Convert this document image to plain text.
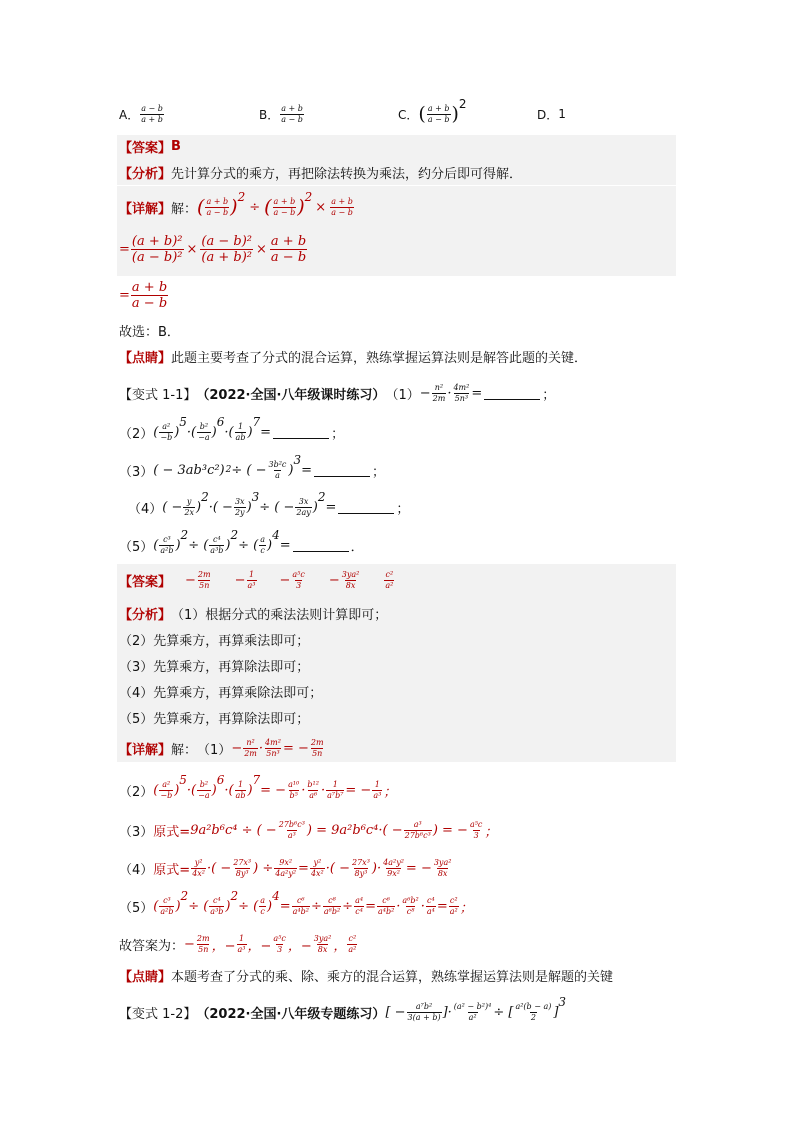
A． $\frac{a - b}{a + b}$	B． $\frac{a + b}{a - b}$	C． ( $\frac{a + b}{a - b}$ ) 2
D． 1
【答案】 B
【分析】 先计算分式的乘方，再把除法转换为乘法，约分后即可得解．
【详解】 解： ( $\frac{a + b}{a - b}$ ) 2
÷ ( $\frac{a + b}{a - b}$ ) 2
× $\frac{a + b}{a - b}$
= $\frac{\text{(a + b)²}}{\text{(a − b)²}} \times \frac{\text{(a − b)²}}{\text{(a + b)²}} \times \frac{a + b}{a - b}$
= $\frac{a + b}{a - b}$
故选：B．
【点睛】 此题主要考查了分式的混合运算，熟练掌握运算法则是解答此题的关键．
【变式 1-1】 （2022·全国·八年级课时练习） $(1) - \frac{\text{n²}}{2m} \cdot \frac{\text{4m²}}{\text{5n³}}$ =	；
（2） ( $\frac{\text{a²}}{-b}$ )
5
·( $\frac{\text{b²}}{-a}$ )
6
·( $\frac{1}{ab}$ )
7
=	；
（3） ( − 3ab³c²) 2 ÷ ( − $\frac{\text{3b²c}}{a}$ )
3
=	；
（4） ( − $\frac{y}{2x}$ )
2
·( − $\frac{3x}{2y}$ )
3
÷ ( − $\frac{3x}{2ay}$ )
2
=	；
（5） ( $\frac{\text{c³}}{\text{a²b}}$ )
2
÷ ( $\frac{\text{c⁴}}{\text{a³b}}$ )
2
÷ ( $\frac{a}{c}$ )
4
=	．
【答案】 − $\frac{2m}{5n} - \frac{1}{\text{a³}} - \frac{\text{a⁵c}}{3} - \frac{\text{3ya²}}{8x}$	$\frac{\text{c²}}{\text{a²}}$
【分析】 （1）根据分式的乘法法则计算即可；
（2）先算乘方，再算乘法即可；
（3）先算乘方，再算除法即可；
（4）先算乘方，再算乘除法即可；
（5）先算乘方，再算除法即可；
【详解】 解： $(1) - \frac{\text{n²}}{2m} \cdot \frac{\text{4m²}}{\text{5n³}}$ = − $\frac{2m}{5n}$
（2） ( $\frac{\text{a²}}{-b}$ )
5
·( $\frac{\text{b²}}{-a}$ )
6
·( $\frac{1}{ab}$ )
7
= − $\frac{\text{a¹⁰}}{\text{b⁵}} \cdot \frac{\text{b¹²}}{\text{a⁶}} \cdot \frac{1}{\text{a⁷b⁷}}$ = − $\frac{1}{\text{a³}}$ ；
（3） 原式= 9a²b⁶c⁴ ÷ ( − $\frac{\text{27b⁶c³}}{\text{a³}}$ ) = $9a^2b^6c^4\cdot( - \frac{\text{a³}}{\text{27b⁶c³}}$ ) = − $\frac{\text{a⁵c}}{3}$ ；
（4） 原式= $\frac{\text{y²}}{\text{4x²}}$ ·( − $\frac{\text{27x³}}{\text{8y³}}$ ) ÷ $\frac{\text{9x²}}{\text{4a²y²}} = \frac{\text{y²}}{\text{4x²}}$ ·( − $\frac{\text{27x³}}{\text{8y³}}$ )· $\frac{\text{4a²y²}}{\text{9x²}}$ = − $\frac{\text{3ya²}}{8x}$
（5） ( $\frac{\text{c³}}{\text{a²b}}$ )
2
÷ ( $\frac{\text{c⁴}}{\text{a³b}}$ )
2
÷ ( $\frac{a}{c}$ )
4
= $\frac{\text{c⁶}}{\text{a⁴b²}} \div \frac{\text{c⁸}}{\text{a⁶b²}} \div \frac{\text{a⁴}}{\text{c⁴}} = \frac{\text{c⁶}}{\text{a⁴b²}} \cdot \frac{\text{a⁶b²}}{\text{c⁸}} \cdot \frac{\text{c⁴}}{\text{a⁴}} = \frac{\text{c²}}{\text{a²}}$ ；
故答案为： − $\frac{2m}{5n}$ ，− $\frac{1}{\text{a³}}$ ，− $\frac{\text{a⁵c}}{3}$ ，− $\frac{\text{3ya²}}{8x}$ ， $\frac{\text{c²}}{\text{a²}}$
【点睛】 本题考查了分式的乘、除、乘方的混合运算，熟练掌握运算法则是解题的关键
【变式 1-2】 （2022·全国·八年级专题练习） [ − $\frac{\text{a⁷b²}}{3(a + b)}$ ]· $\frac{\text{(a² − b²)⁴}}{\text{a²}}$ ÷ [ $\frac{\text{a²(b − a)}}{2}$ ]
3
